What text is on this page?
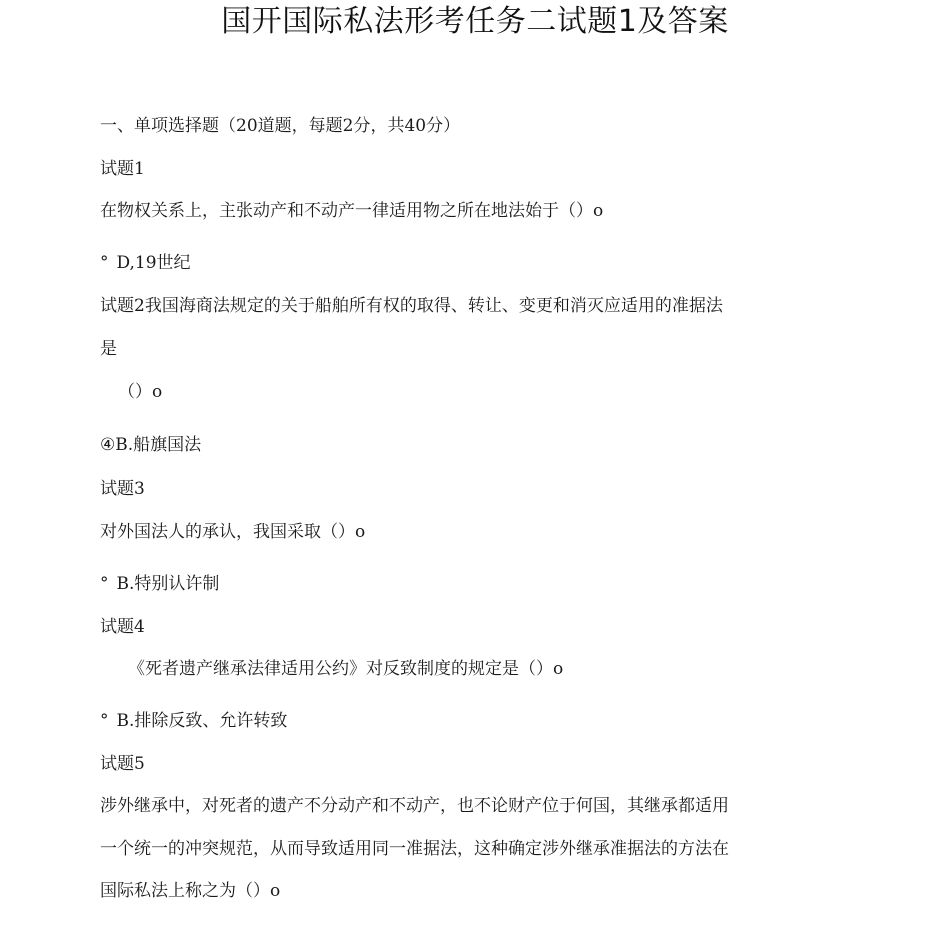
国开国际私法形考任务二试题1及答案
一、单项选择题（20道题，每题2分，共40分）
试题1
在物权关系上，主张动产和不动产一律适用物之所在地法始于（）o
° D,19世纪
试题2我国海商法规定的关于船舶所有权的取得、转让、变更和消灭应适用的准据法
是
（）o
④B.船旗国法
试题3
对外国法人的承认，我国采取（）o
° B.特别认许制
试题4
《死者遗产继承法律适用公约》对反致制度的规定是（）o
° B.排除反致、允许转致
试题5
涉外继承中，对死者的遗产不分动产和不动产，也不论财产位于何国，其继承都适用
一个统一的冲突规范，从而导致适用同一准据法，这种确定涉外继承准据法的方法在
国际私法上称之为（）o
